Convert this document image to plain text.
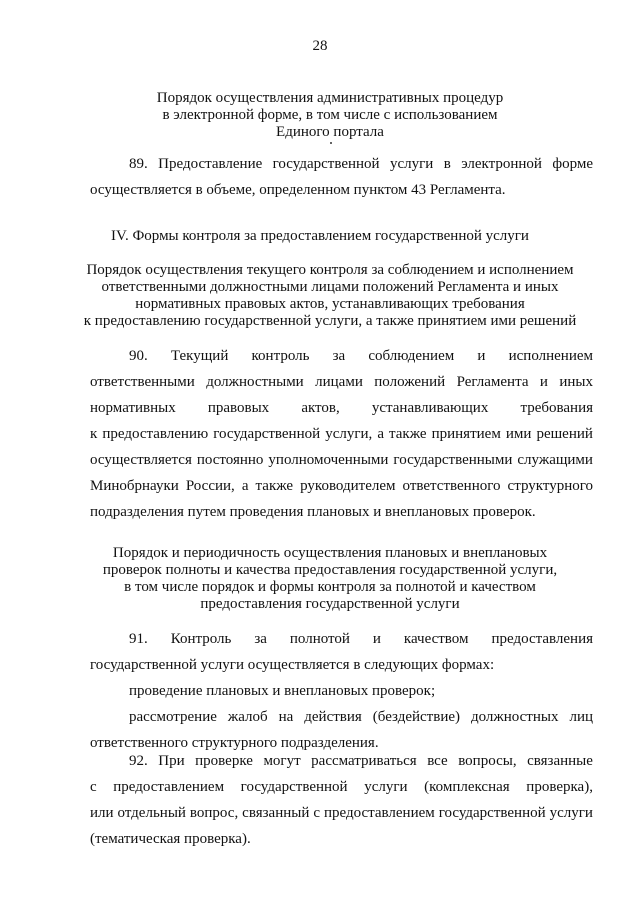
28
Порядок осуществления административных процедур
в электронной форме, в том числе с использованием
Единого портала
89. Предоставление государственной услуги в электронной форме
осуществляется в объеме, определенном пунктом 43 Регламента.
IV. Формы контроля за предоставлением государственной услуги
Порядок осуществления текущего контроля за соблюдением и исполнением
ответственными должностными лицами положений Регламента и иных
нормативных правовых актов, устанавливающих требования
к предоставлению государственной услуги, а также принятием ими решений
90. Текущий контроль за соблюдением и исполнением
ответственными должностными лицами положений Регламента и иных
нормативных правовых актов, устанавливающих требования
к предоставлению государственной услуги, а также принятием ими решений
осуществляется постоянно уполномоченными государственными служащими
Минобрнауки России, а также руководителем ответственного структурного
подразделения путем проведения плановых и внеплановых проверок.
Порядок и периодичность осуществления плановых и внеплановых
проверок полноты и качества предоставления государственной услуги,
в том числе порядок и формы контроля за полнотой и качеством
предоставления государственной услуги
91. Контроль за полнотой и качеством предоставления
государственной услуги осуществляется в следующих формах:
проведение плановых и внеплановых проверок;
рассмотрение жалоб на действия (бездействие) должностных лиц
ответственного структурного подразделения.
92. При проверке могут рассматриваться все вопросы, связанные
с предоставлением государственной услуги (комплексная проверка),
или отдельный вопрос, связанный с предоставлением государственной услуги
(тематическая проверка).
